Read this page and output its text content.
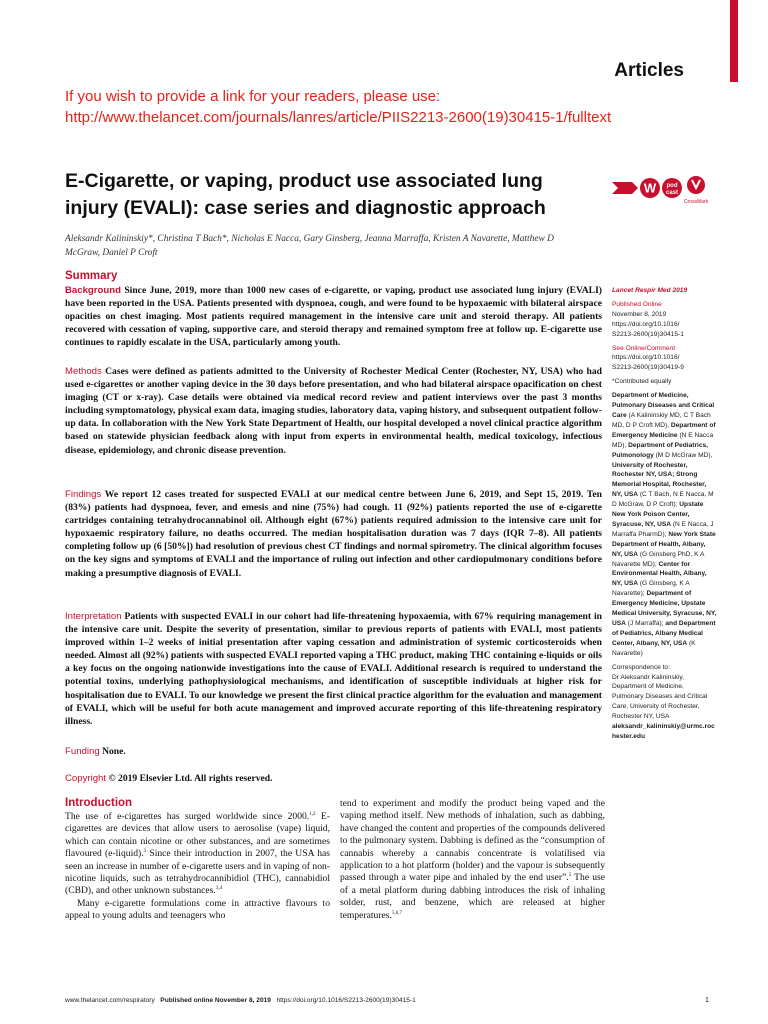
Articles
If you wish to provide a link for your readers, please use:
http://www.thelancet.com/journals/lanres/article/PIIS2213-2600(19)30415-1/fulltext
E-Cigarette, or vaping, product use associated lung injury (EVALI): case series and diagnostic approach
W pod
cast
CrossMark
Aleksandr Kalininskiy*, Christina T Bach*, Nicholas E Nacca, Gary Ginsberg, Jeanna Marraffa, Kristen A Navarette, Matthew D McGraw, Daniel P Croft
Summary
Background Since June, 2019, more than 1000 new cases of e-cigarette, or vaping, product use associated lung injury (EVALI) have been reported in the USA. Patients presented with dyspnoea, cough, and were found to be hypoxaemic with bilateral airspace opacities on chest imaging. Most patients required management in the intensive care unit and steroid therapy. All patients recovered with cessation of vaping, supportive care, and steroid therapy and remained symptom free at follow up. E-cigarette use continues to rapidly escalate in the USA, particularly among youth.
Methods Cases were defined as patients admitted to the University of Rochester Medical Center (Rochester, NY, USA) who had used e-cigarettes or another vaping device in the 30 days before presentation, and who had bilateral airspace opacification on chest imaging (CT or x-ray). Case details were obtained via medical record review and patient interviews over the past 3 months including symptomatology, physical exam data, imaging studies, laboratory data, vaping history, and subsequent outpatient follow-up data. In collaboration with the New York State Department of Health, our hospital developed a novel clinical practice algorithm based on statewide physician feedback along with input from experts in environmental health, medical toxicology, infectious disease, epidemiology, and chronic disease prevention.
Findings We report 12 cases treated for suspected EVALI at our medical centre between June 6, 2019, and Sept 15, 2019. Ten (83%) patients had dyspnoea, fever, and emesis and nine (75%) had cough. 11 (92%) patients reported the use of e-cigarette cartridges containing tetrahydrocannabinol oil. Although eight (67%) patients required admission to the intensive care unit for hypoxaemic respiratory failure, no deaths occurred. The median hospitalisation duration was 7 days (IQR 7–8). All patients completing follow up (6 [50%]) had resolution of previous chest CT findings and normal spirometry. The clinical algorithm focuses on the key signs and symptoms of EVALI and the importance of ruling out infection and other cardiopulmonary conditions before making a presumptive diagnosis of EVALI.
Interpretation Patients with suspected EVALI in our cohort had life-threatening hypoxaemia, with 67% requiring management in the intensive care unit. Despite the severity of presentation, similar to previous reports of patients with EVALI, most patients improved within 1–2 weeks of initial presentation after vaping cessation and administration of systemic corticosteroids when needed. Almost all (92%) patients with suspected EVALI reported vaping a THC product, making THC containing e-liquids or oils a key focus on the ongoing nationwide investigations into the cause of EVALI. Additional research is required to understand the potential toxins, underlying pathophysiological mechanisms, and identification of susceptible individuals at higher risk for hospitalisation due to EVALI. To our knowledge we present the first clinical practice algorithm for the evaluation and management of EVALI, which will be useful for both acute management and improved accurate reporting of this life-threatening respiratory illness.
Funding None.
Copyright © 2019 Elsevier Ltd. All rights reserved.
Lancet Respir Med 2019
Published Online
November 8, 2019
https://doi.org/10.1016/
S2213-2600(19)30415-1
See Online/Comment
https://doi.org/10.1016/
S2213-2600(19)30419-9
*Contributed equally
Department of Medicine, Pulmonary Diseases and Critical Care (A Kalininskiy MD, C T Bach MD, D P Croft MD), Department of Emergency Medicine (N E Nacca MD), Department of Pediatrics, Pulmonology (M D McGraw MD), University of Rochester, Rochester NY, USA; Strong Memorial Hospital, Rochester, NY, USA (C T Bach, N E Nacca, M D McGraw, D P Croft); Upstate New York Poison Center, Syracuse, NY, USA (N E Nacca, J Marraffa PharmD); New York State Department of Health, Albany, NY, USA (G Ginsberg PhD, K A Navarette MD); Center for Environmental Health, Albany, NY, USA (G Ginsberg, K A Navarette); Department of Emergency Medicine, Upstate Medical University, Syracuse, NY, USA (J Marraffa); and Department of Pediatrics, Albany Medical Center, Albany, NY, USA (K Navarette)
Correspondence to:
Dr Aleksandr Kalininskiy, Department of Medicine, Pulmonary Diseases and Critical Care, University of Rochester, Rochester NY, USA
aleksandr_kalininskiy@urmc.rochester.edu
Introduction
The use of e-cigarettes has surged worldwide since 2000.$^{1,2}$ E-cigarettes are devices that allow users to aerosolise (vape) liquid, which can contain nicotine or other substances, and are sometimes flavoured (e-liquid).$^3$ Since their introduction in 2007, the USA has seen an increase in number of e-cigarette users and in vaping of non-nicotine liquids, such as tetrahydrocannibidiol (THC), cannabidiol (CBD), and other unknown substances.$^{3,4}$
Many e-cigarette formulations come in attractive flavours to appeal to young adults and teenagers who
tend to experiment and modify the product being vaped and the vaping method itself. New methods of inhalation, such as dabbing, have changed the content and properties of the compounds delivered to the pulmonary system. Dabbing is defined as the “consumption of cannabis whereby a cannabis concentrate is volatilised via application to a hot platform (holder) and the vapour is subsequently passed through a water pipe and inhaled by the end user”.$^5$ The use of a metal platform during dabbing introduces the risk of inhaling solder, rust, and benzene, which are released at higher temperatures.$^{5,6,7}$
www.thelancet.com/respiratory Published online November 8, 2019 https://doi.org/10.1016/S2213-2600(19)30415-1	1
